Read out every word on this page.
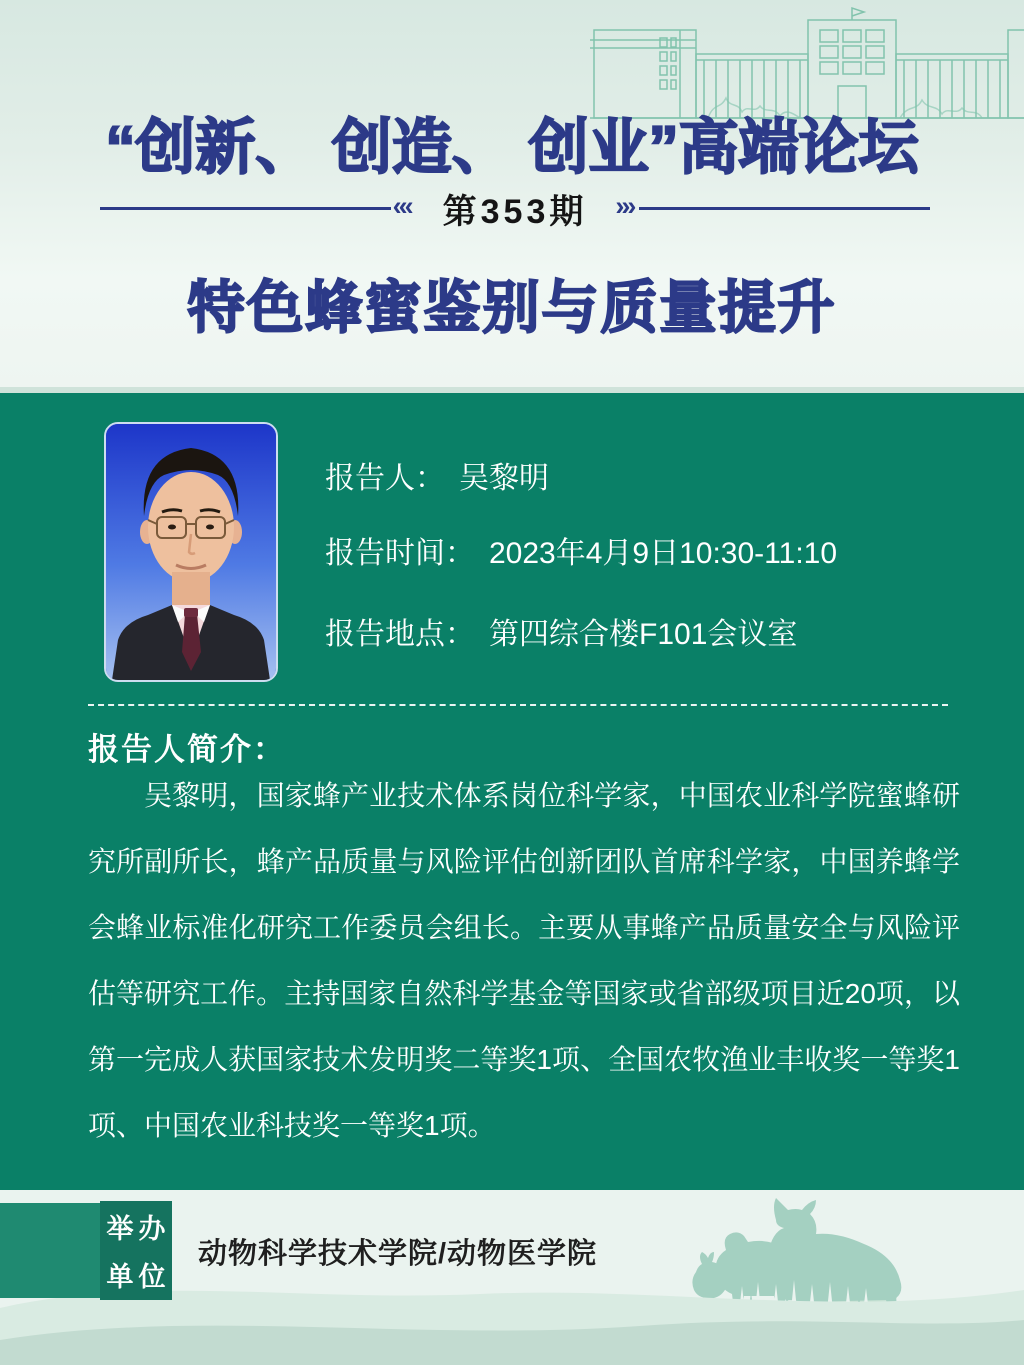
“创新、 创造、 创业”高端论坛
‹‹‹ 第353期 ›››
特色蜂蜜鉴别与质量提升
报告人： 吴黎明
报告时间： 2023年4月9日10:30-11:10
报告地点： 第四综合楼F101会议室
报告人简介：

吴黎明，国家蜂产业技术体系岗位科学家，中国农业科学院蜜蜂研究所副所长，蜂产品质量与风险评估创新团队首席科学家，中国养蜂学会蜂业标准化研究工作委员会组长。主要从事蜂产品质量安全与风险评估等研究工作。主持国家自然科学基金等国家或省部级项目近20项，以第一完成人获国家技术发明奖二等奖1项、全国农牧渔业丰收奖一等奖1项、中国农业科技奖一等奖1项。

举办
单位
动物科学技术学院/动物医学院
